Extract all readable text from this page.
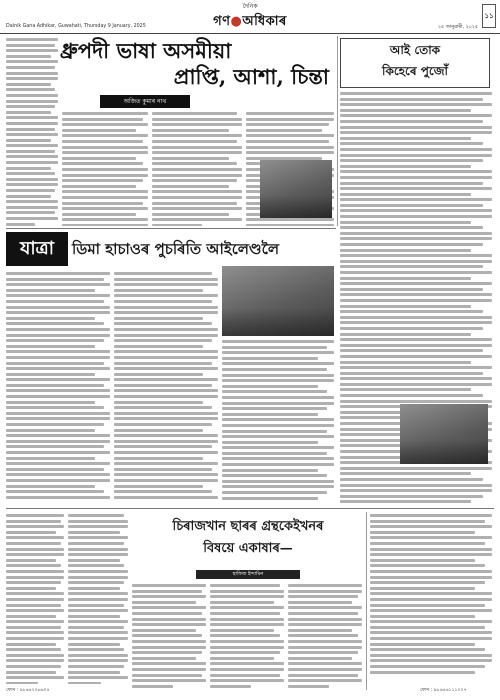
Dainik Gana Adhikar, Guwahati, Thursday 9 January, 2025
দৈনিক
গণ●অধিকাৰ	২৫ জানুৱাৰী, ২০২৫
১১
ধ্ৰুপদী ভাষা অসমীয়া
প্ৰাপ্তি, আশা, চিন্তা
অজিত কুমাৰ নাথ
আই তোক
কিহেৰে পুজোঁ
যাত্ৰা	ডিমা হাচাওৰ পুচৰিতি আইলেণ্ডলৈ
চিৰাজখান ছাৰৰ গ্ৰন্থকেইখনৰ
বিষয়ে একাষাৰ—
হাফিজ ইন্দামিন
ফোন : ৯৮৬৪২০৬৬০৪	ফোন : ৯৮৬৪৬১১১০০৭
